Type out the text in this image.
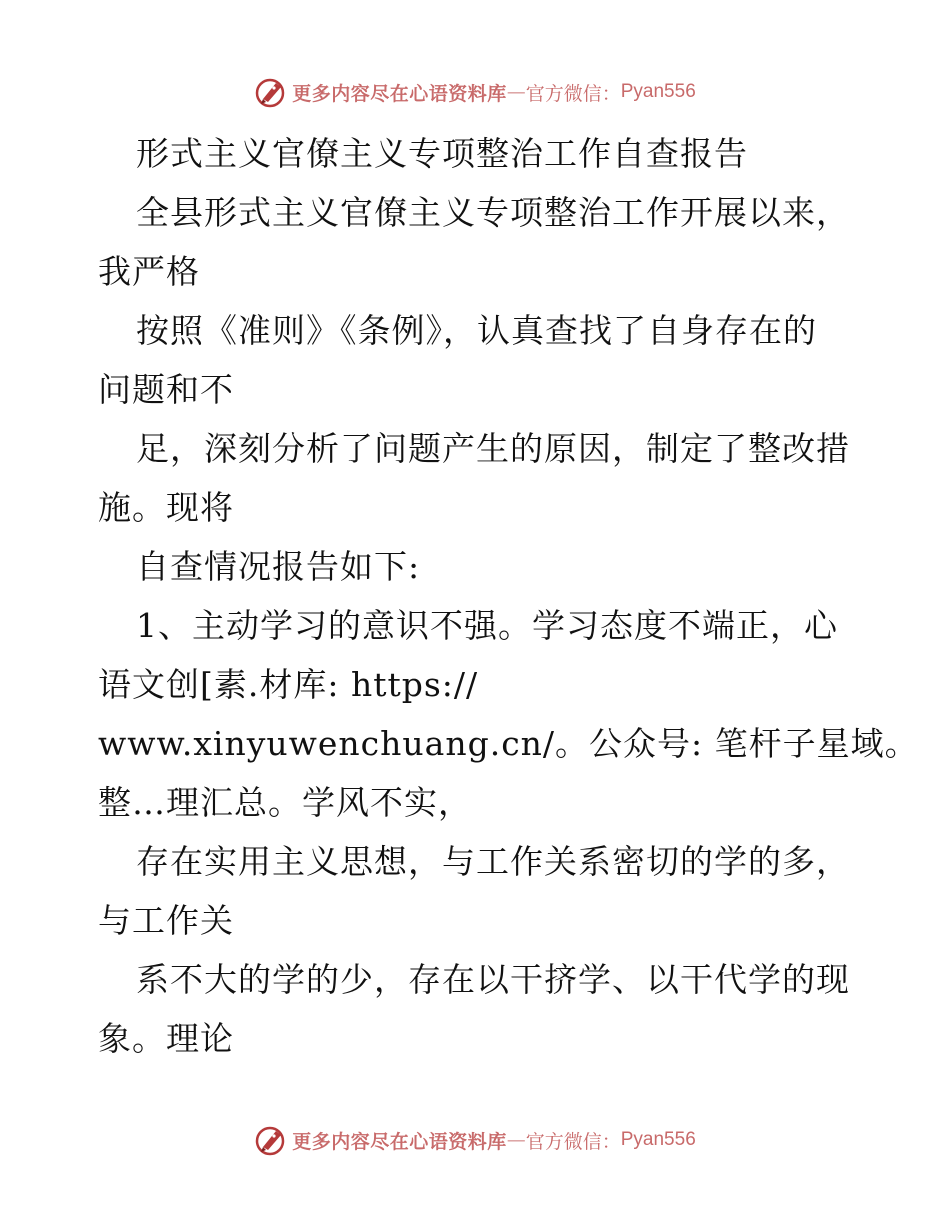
更多内容尽在心语资料库 — 官方微信： Pyan556
形式主义官僚主义专项整治工作自查报告
全县形式主义官僚主义专项整治工作开展以来，
我严格
按照《准则》《条例》，认真查找了自身存在的
问题和不
足，深刻分析了问题产生的原因，制定了整改措
施。现将
自查情况报告如下:
1、主动学习的意识不强。学习态度不端正，心
语文创[素.材库: https://
www.xinyuwenchuang.cn/。公众号: 笔杆子星域。
整…理汇总。学风不实，
存在实用主义思想，与工作关系密切的学的多，
与工作关
系不大的学的少，存在以干挤学、以干代学的现
象。理论
更多内容尽在心语资料库 — 官方微信： Pyan556
